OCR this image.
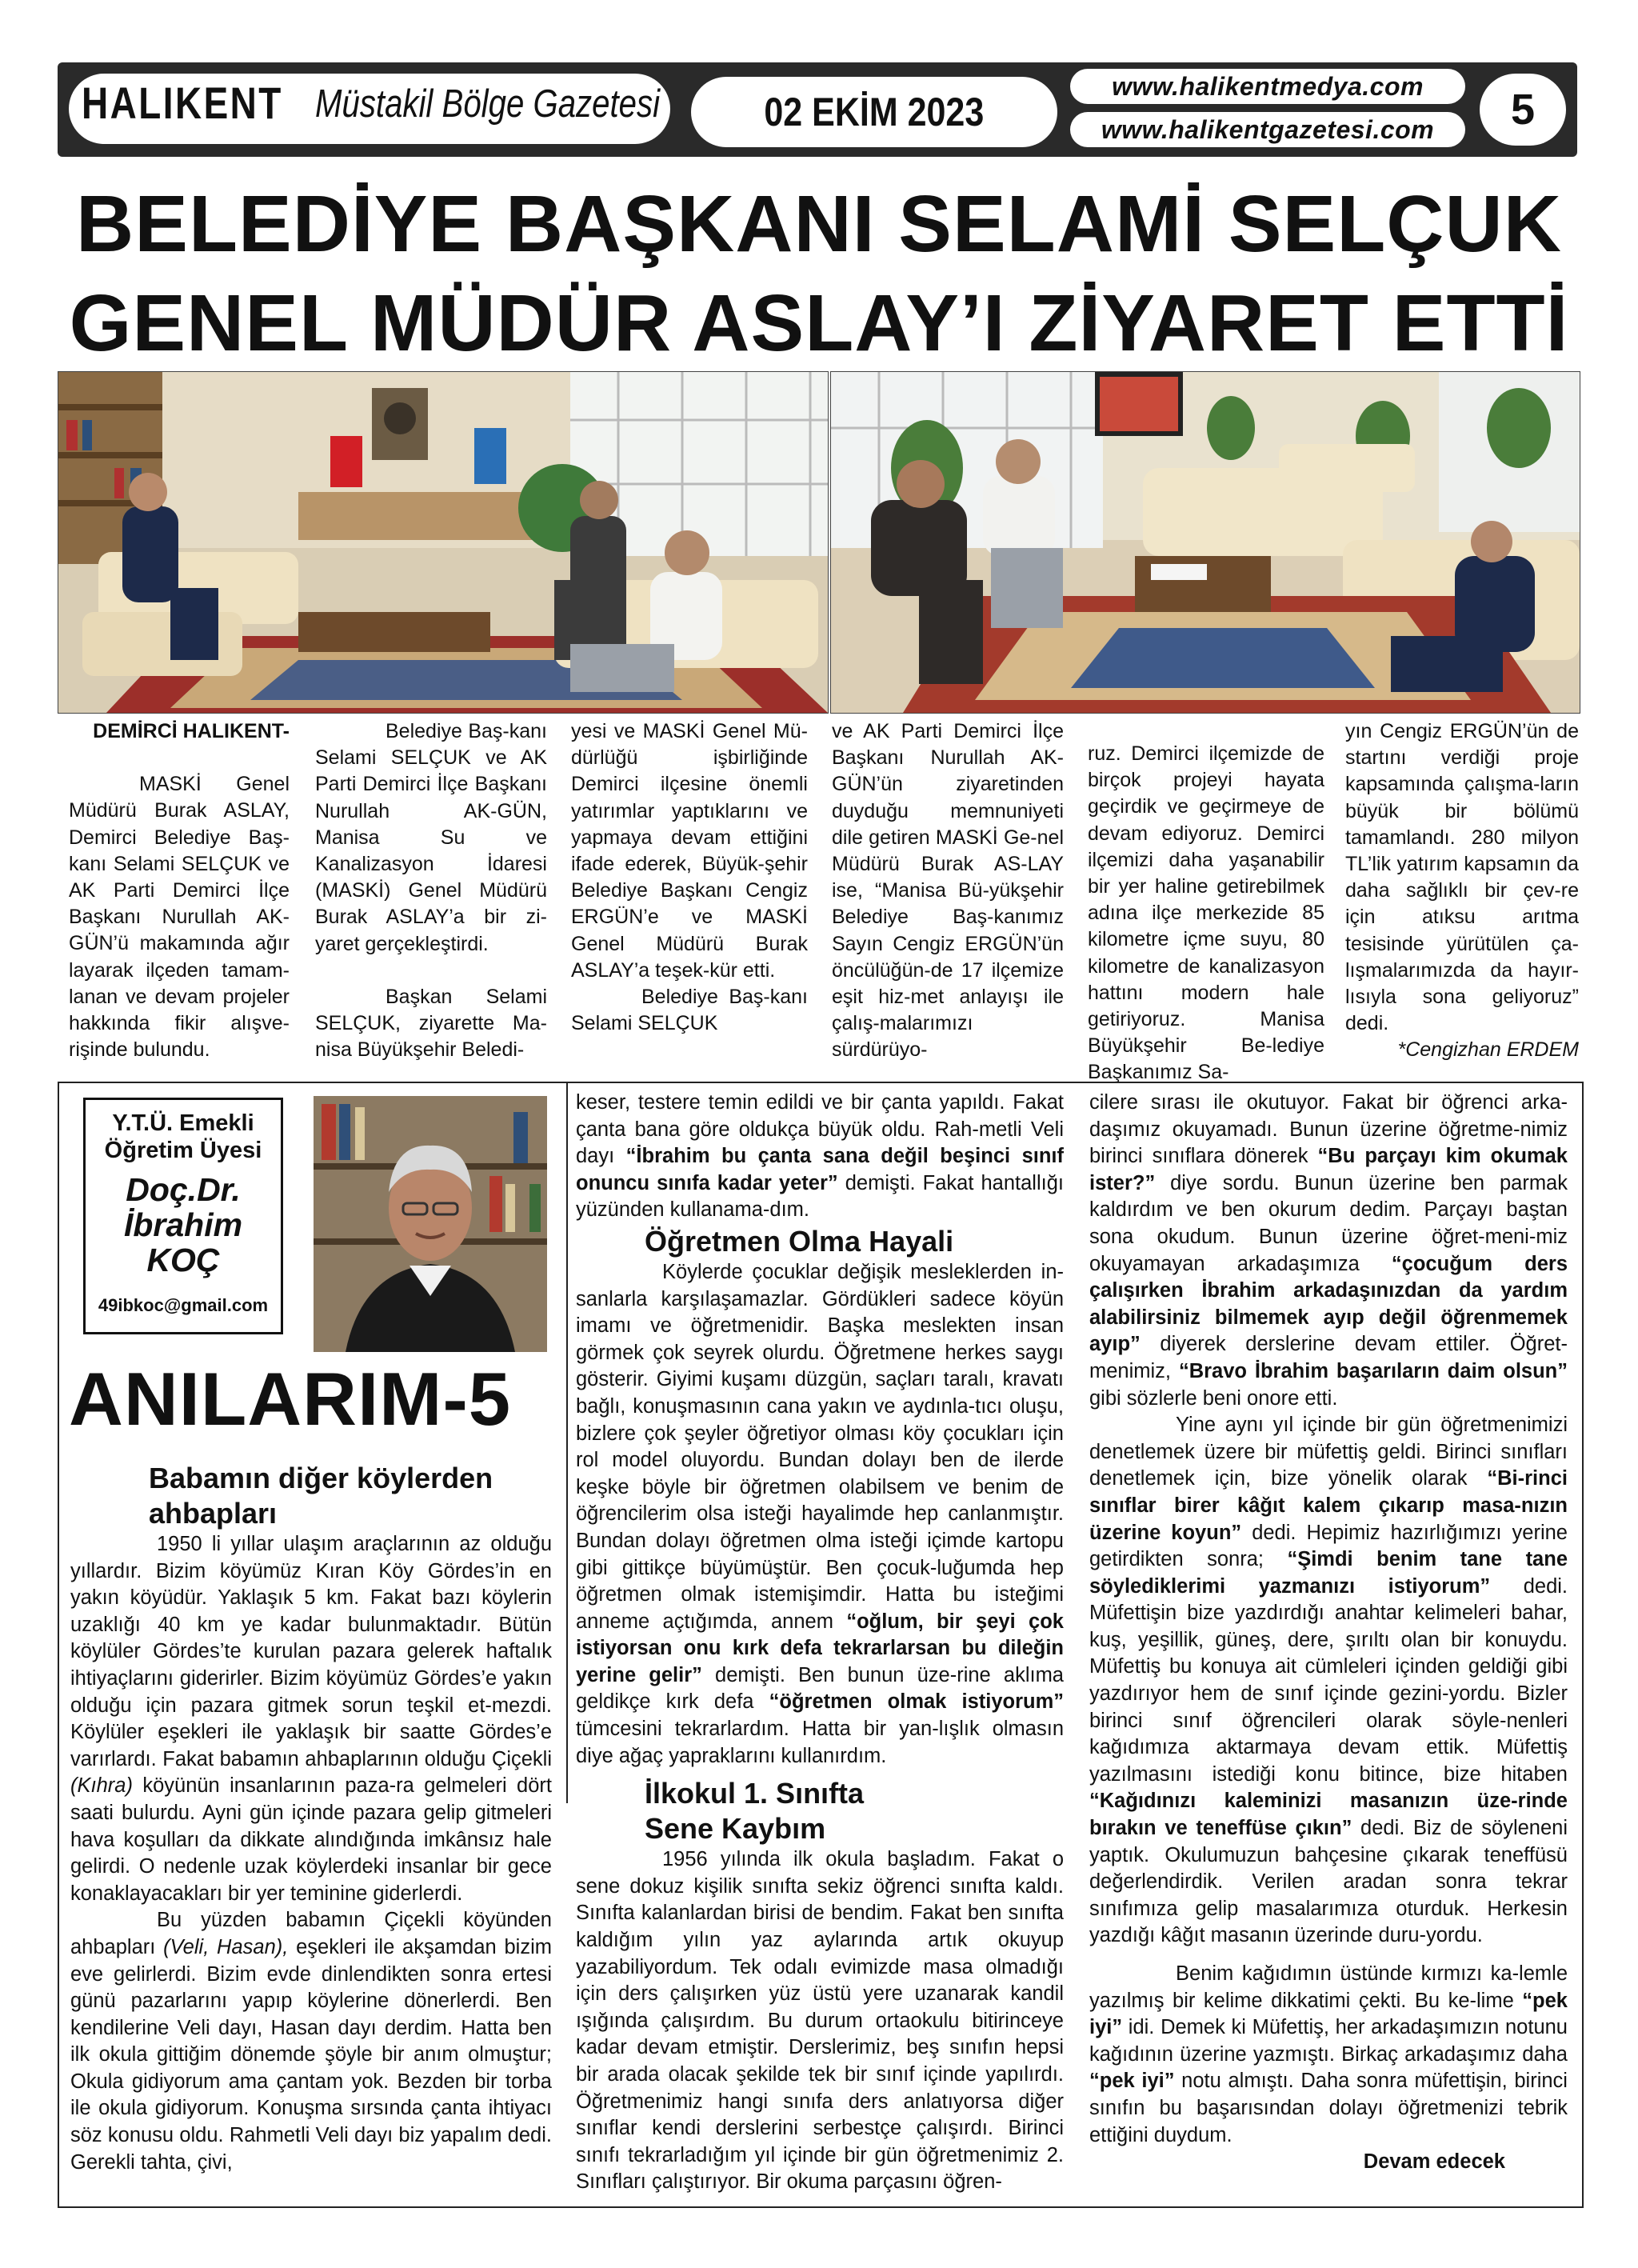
HALIKENT Müstakil Bölge Gazetesi	02 EKİM 2023
www.halikentmedya.com
www.halikentgazetesi.com	5
BELEDİYE BAŞKANI SELAMİ SELÇUK
GENEL MÜDÜR ASLAY’I ZİYARET ETTİ

DEMİRCİ HALIKENT-

MASKİ Genel Müdürü Burak ASLAY, Demirci Belediye Baş-kanı Selami SELÇUK ve AK Parti Demirci İlçe Başkanı Nurullah AK-GÜN’ü makamında ağır layarak ilçeden tamam-lanan ve devam projeler hakkında fikir alışve-rişinde bulundu.

Belediye Baş-kanı Selami SELÇUK ve AK Parti Demirci İlçe Başkanı Nurullah AK-GÜN, Manisa Su ve Kanalizasyon İdaresi (MASKİ) Genel Müdürü Burak ASLAY’a bir zi-yaret gerçekleştirdi.

Başkan Selami SELÇUK, ziyarette Ma-nisa Büyükşehir Beledi-

yesi ve MASKİ Genel Mü-dürlüğü işbirliğinde Demirci ilçesine önemli yatırımlar yaptıklarını ve yapmaya devam ettiğini ifade ederek, Büyük-şehir Belediye Başkanı Cengiz ERGÜN’e ve MASKİ Genel Müdürü Burak ASLAY’a teşek-kür etti.

Belediye Baş-kanı Selami SELÇUK

ve AK Parti Demirci İlçe Başkanı Nurullah AK-GÜN’ün ziyaretinden duyduğu memnuniyeti dile getiren MASKİ Ge-nel Müdürü Burak AS-LAY ise, “Manisa Bü-yükşehir Belediye Baş-kanımız Sayın Cengiz ERGÜN’ün öncülüğün-de 17 ilçemize eşit hiz-met anlayışı ile çalış-malarımızı sürdürüyo-

ruz. Demirci ilçemizde de birçok projeyi hayata geçirdik ve geçirmeye de devam ediyoruz. Demirci ilçemizi daha yaşanabilir bir yer haline getirebilmek adına ilçe merkezide 85 kilometre içme suyu, 80 kilometre de kanalizasyon hattını modern hale getiriyoruz. Manisa Büyükşehir Be-lediye Başkanımız Sa-

yın Cengiz ERGÜN’ün de startını verdiği proje kapsamında çalışma-ların büyük bir bölümü tamamlandı. 280 milyon TL’lik yatırım kapsamın da daha sağlıklı bir çev-re için atıksu arıtma tesisinde yürütülen ça-lışmalarımızda da hayır-lısıyla sona geliyoruz” dedi.

*Cengizhan ERDEM

Y.T.Ü. Emekli Öğretim Üyesi
Doç.Dr.
İbrahim
KOÇ
49ibkoc@gmail.com
ANILARIM-5
Babamın diğer köylerden ahbapları

1950 li yıllar ulaşım araçlarının az olduğu yıllardır. Bizim köyümüz Kıran Köy Gördes’in en yakın köyüdür. Yaklaşık 5 km. Fakat bazı köylerin uzaklığı 40 km ye kadar bulunmaktadır. Bütün köylüler Gördes’te kurulan pazara gelerek haftalık ihtiyaçlarını giderirler. Bizim köyümüz Gördes’e yakın olduğu için pazara gitmek sorun teşkil et-mezdi. Köylüler eşekleri ile yaklaşık bir saatte Gördes’e varırlardı. Fakat babamın ahbaplarının olduğu Çiçekli (Kıhra) köyünün insanlarının paza-ra gelmeleri dört saati bulurdu. Ayni gün içinde pazara gelip gitmeleri hava koşulları da dikkate alındığında imkânsız hale gelirdi. O nedenle uzak köylerdeki insanlar bir gece konaklayacakları bir yer teminine giderlerdi.

Bu yüzden babamın Çiçekli köyünden ahbapları (Veli, Hasan), eşekleri ile akşamdan bizim eve gelirlerdi. Bizim evde dinlendikten sonra ertesi günü pazarlarını yapıp köylerine dönerlerdi. Ben kendilerine Veli dayı, Hasan dayı derdim. Hatta ben ilk okula gittiğim dönemde şöyle bir anım olmuştur; Okula gidiyorum ama çantam yok. Bezden bir torba ile okula gidiyorum. Konuşma sırsında çanta ihtiyacı söz konusu oldu. Rahmetli Veli dayı biz yapalım dedi. Gerekli tahta, çivi,

keser, testere temin edildi ve bir çanta yapıldı. Fakat çanta bana göre oldukça büyük oldu. Rah-metli Veli dayı “İbrahim bu çanta sana değil beşinci sınıf onuncu sınıfa kadar yeter” demişti. Fakat hantallığı yüzünden kullanama-dım.

Öğretmen Olma Hayali

Köylerde çocuklar değişik mesleklerden in-sanlarla karşılaşamazlar. Gördükleri sadece köyün imamı ve öğretmenidir. Başka meslekten insan görmek çok seyrek olurdu. Öğretmene herkes saygı gösterir. Giyimi kuşamı düzgün, saçları taralı, kravatı bağlı, konuşmasının cana yakın ve aydınla-tıcı oluşu, bizlere çok şeyler öğretiyor olması köy çocukları için rol model oluyordu. Bundan dolayı ben de ilerde keşke böyle bir öğretmen olabilsem ve benim de öğrencilerim olsa isteği hayalimde hep canlanmıştır. Bundan dolayı öğretmen olma isteği içimde kartopu gibi gittikçe büyümüştür. Ben çocuk-luğumda hep öğretmen olmak istemişimdir. Hatta bu isteğimi anneme açtığımda, annem “oğlum, bir şeyi çok istiyorsan onu kırk defa tekrarlarsan bu dileğin yerine gelir” demişti. Ben bunun üze-rine aklıma geldikçe kırk defa “öğretmen olmak istiyorum” tümcesini tekrarlardım. Hatta bir yan-lışlık olmasın diye ağaç yapraklarını kullanırdım.

İlkokul 1. Sınıfta
Sene Kaybım

1956 yılında ilk okula başladım. Fakat o sene dokuz kişilik sınıfta sekiz öğrenci sınıfta kaldı. Sınıfta kalanlardan birisi de bendim. Fakat ben sınıfta kaldığım yılın yaz aylarında artık okuyup yazabiliyordum. Tek odalı evimizde masa olmadığı için ders çalışırken yüz üstü yere uzanarak kandil ışığında çalışırdım. Bu durum ortaokulu bitirinceye kadar devam etmiştir. Derslerimiz, beş sınıfın hepsi bir arada olacak şekilde tek bir sınıf içinde yapılırdı. Öğretmenimiz hangi sınıfa ders anlatıyorsa diğer sınıflar kendi derslerini serbestçe çalışırdı. Birinci sınıfı tekrarladığım yıl içinde bir gün öğretmenimiz 2. Sınıfları çalıştırıyor. Bir okuma parçasını öğren-

cilere sırası ile okutuyor. Fakat bir öğrenci arka-daşımız okuyamadı. Bunun üzerine öğretme-nimiz birinci sınıflara dönerek “Bu parçayı kim okumak ister?” diye sordu. Bunun üzerine ben parmak kaldırdım ve ben okurum dedim. Parçayı baştan sona okudum. Bunun üzerine öğret-meni-miz okuyamayan arkadaşımıza “çocuğum ders çalışırken İbrahim arkadaşınızdan da yardım alabilirsiniz bilmemek ayıp değil öğrenmemek ayıp” diyerek derslerine devam ettiler. Öğret-menimiz, “Bravo İbrahim başarıların daim olsun” gibi sözlerle beni onore etti.

Yine aynı yıl içinde bir gün öğretmenimizi denetlemek üzere bir müfettiş geldi. Birinci sınıfları denetlemek için, bize yönelik olarak “Bi-rinci sınıflar birer kâğıt kalem çıkarıp masa-nızın üzerine koyun” dedi. Hepimiz hazırlığımızı yerine getirdikten sonra; “Şimdi benim tane tane söylediklerimi yazmanızı istiyorum” dedi. Müfettişin bize yazdırdığı anahtar kelimeleri bahar, kuş, yeşillik, güneş, dere, şırıltı olan bir konuydu. Müfettiş bu konuya ait cümleleri içinden geldiği gibi yazdırıyor hem de sınıf içinde gezini-yordu. Bizler birinci sınıf öğrencileri olarak söyle-nenleri kağıdımıza aktarmaya devam ettik. Müfettiş yazılmasını istediği konu bitince, bize hitaben “Kağıdınızı kaleminizi masanızın üze-rinde bırakın ve teneffüse çıkın” dedi. Biz de söyleneni yaptık. Okulumuzun bahçesine çıkarak teneffüsü değerlendirdik. Verilen aradan sonra tekrar sınıfımıza gelip masalarımıza oturduk. Herkesin yazdığı kâğıt masanın üzerinde duru-yordu.

Benim kağıdımın üstünde kırmızı ka-lemle yazılmış bir kelime dikkatimi çekti. Bu ke-lime “pek iyi” idi. Demek ki Müfettiş, her arkadaşımızın notunu kağıdının üzerine yazmıştı. Birkaç arkadaşımız daha “pek iyi” notu almıştı. Daha sonra müfettişin, birinci sınıfın bu başarısından dolayı öğretmenizi tebrik ettiğini duydum.

Devam edecek
